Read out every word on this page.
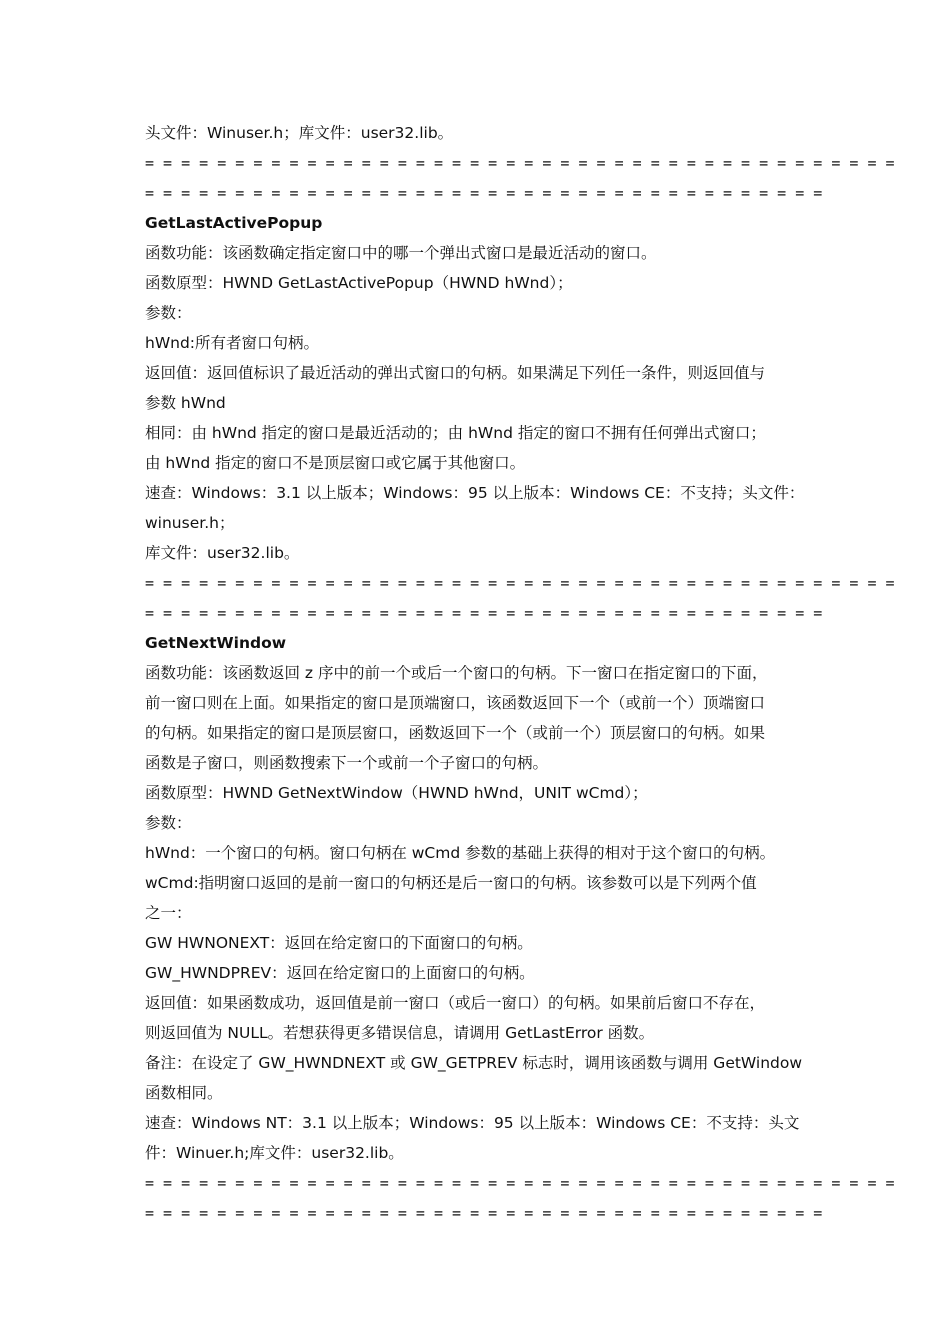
头文件：Winuser.h；库文件：user32.lib。
= = = = = = = = = = = = = = = = = = = = = = = = = = = = = = = = = = = = = = = = = =
= = = = = = = = = = = = = = = = = = = = = = = = = = = = = = = = = = = = = =
GetLastActivePopup
函数功能：该函数确定指定窗口中的哪一个弹出式窗口是最近活动的窗口。
函数原型：HWND GetLastActivePopup（HWND hWnd）；
参数：
hWnd:所有者窗口句柄。
返回值：返回值标识了最近活动的弹出式窗口的句柄。如果满足下列任一条件，则返回值与
参数 hWnd
相同：由 hWnd 指定的窗口是最近活动的；由 hWnd 指定的窗口不拥有任何弹出式窗口；
由 hWnd 指定的窗口不是顶层窗口或它属于其他窗口。
速查：Windows：3.1 以上版本；Windows：95 以上版本：Windows CE：不支持；头文件：
winuser.h；
库文件：user32.lib。
= = = = = = = = = = = = = = = = = = = = = = = = = = = = = = = = = = = = = = = = = =
= = = = = = = = = = = = = = = = = = = = = = = = = = = = = = = = = = = = = =
GetNextWindow
函数功能：该函数返回 z 序中的前一个或后一个窗口的句柄。下一窗口在指定窗口的下面，
前一窗口则在上面。如果指定的窗口是顶端窗口，该函数返回下一个（或前一个）顶端窗口
的句柄。如果指定的窗口是顶层窗口，函数返回下一个（或前一个）顶层窗口的句柄。如果
函数是子窗口，则函数搜索下一个或前一个子窗口的句柄。
函数原型：HWND GetNextWindow（HWND hWnd，UNIT wCmd）；
参数：
hWnd：一个窗口的句柄。窗口句柄在 wCmd 参数的基础上获得的相对于这个窗口的句柄。
wCmd:指明窗口返回的是前一窗口的句柄还是后一窗口的句柄。该参数可以是下列两个值
之一：
GW HWNONEXT：返回在给定窗口的下面窗口的句柄。
GW_HWNDPREV：返回在给定窗口的上面窗口的句柄。
返回值：如果函数成功，返回值是前一窗口（或后一窗口）的句柄。如果前后窗口不存在，
则返回值为 NULL。若想获得更多错误信息，请调用 GetLastError 函数。
备注：在设定了 GW_HWNDNEXT 或 GW_GETPREV 标志时，调用该函数与调用 GetWindow
函数相同。
速查：Windows NT：3.1 以上版本；Windows：95 以上版本：Windows CE：不支持：头文
件：Winuer.h;库文件：user32.lib。
= = = = = = = = = = = = = = = = = = = = = = = = = = = = = = = = = = = = = = = = = =
= = = = = = = = = = = = = = = = = = = = = = = = = = = = = = = = = = = = = =
